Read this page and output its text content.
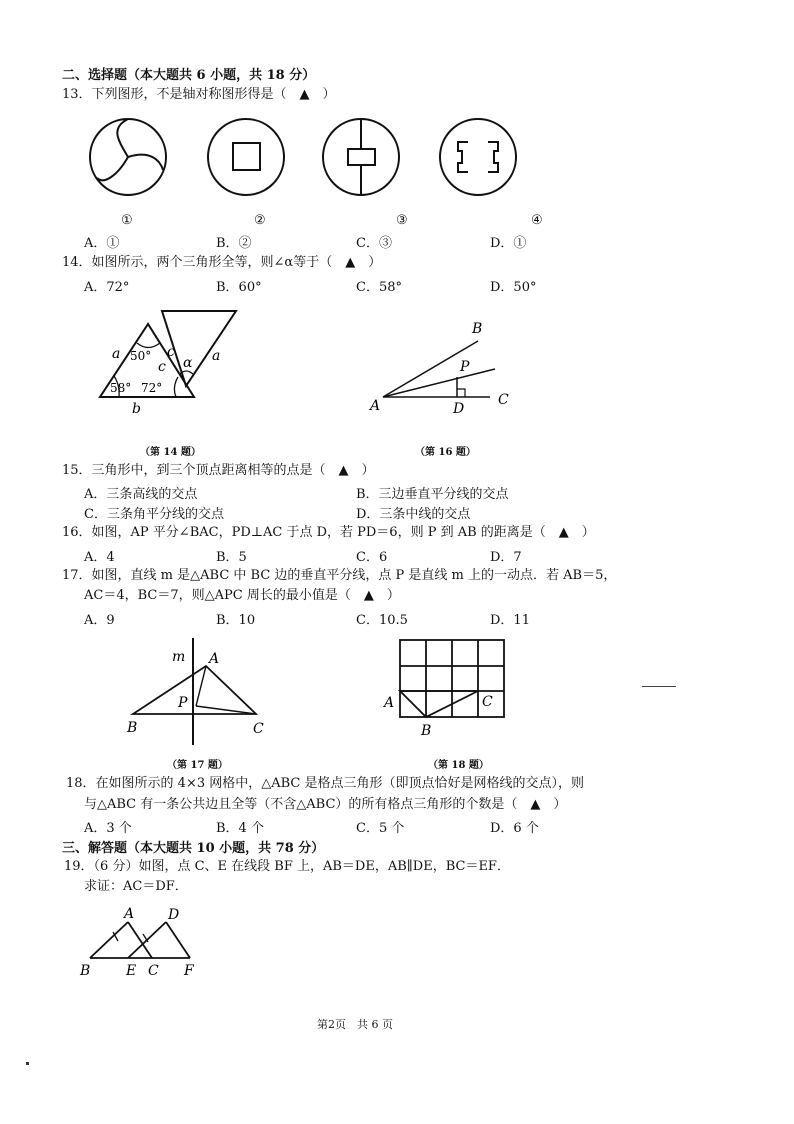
二、选择题（本大题共 6 小题，共 18 分）
13．下列图形，不是轴对称图形得是（　▲　）
①	②	③	④
A．①	B．②	C．③	D．①
14．如图所示，两个三角形全等，则∠α等于（　▲　）
A．72°	B．60°	C．58°	D．50°
a 50°
c
c	a
α
58° 72°
b
B
P
A	D
C
（第 14 题）	（第 16 题）
15．三角形中，到三个顶点距离相等的点是（　▲　）
A．三条高线的交点	B．三边垂直平分线的交点
C．三条角平分线的交点	D．三条中线的交点
16．如图，AP 平分∠BAC，PD⊥AC 于点 D，若 PD＝6，则 P 到 AB 的距离是（　▲　）
A．4	B．5	C．6	D．7
17．如图，直线 m 是△ABC 中 BC 边的垂直平分线，点 P 是直线 m 上的一动点．若 AB＝5，
AC＝4，BC＝7，则△APC 周长的最小值是（　▲　）
A．9	B．10	C．10.5	D．11
m A
P
B	C
A	C
B
（第 17 题）	（第 18 题）
18．在如图所示的 4×3 网格中，△ABC 是格点三角形（即顶点恰好是网格线的交点），则
与△ABC 有一条公共边且全等（不含△ABC）的所有格点三角形的个数是（　▲　）
A．3 个	B．4 个	C．5 个	D．6 个
三、解答题（本大题共 10 小题，共 78 分）
19．（6 分）如图，点 C、E 在线段 BF 上，AB＝DE，AB∥DE，BC＝EF．
求证：AC＝DF．
A D
B	E C F
第2页　共 6 页
